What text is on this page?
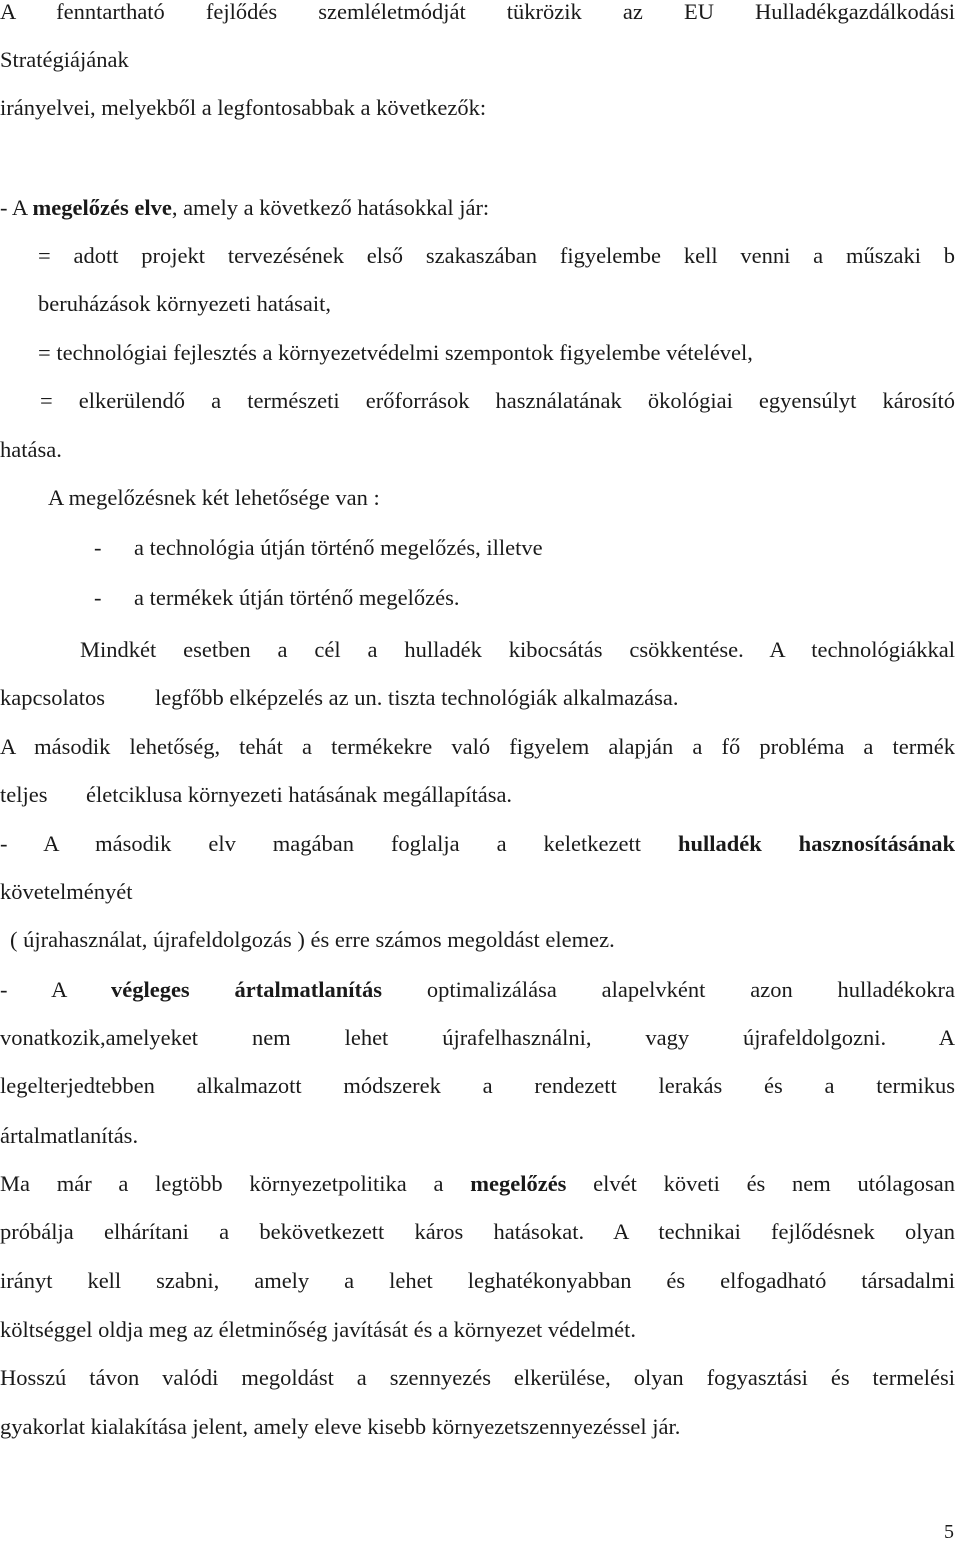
A fenntartható fejlődés szemléletmódját tükrözik az EU Hulladékgazdálkodási
Stratégiájának
irányelvei, melyekből a legfontosabbak a következők:
- A megelőzés elve, amely a következő hatásokkal jár:
= adott projekt tervezésének első szakaszában figyelembe kell venni a műszaki b
beruházások környezeti hatásait,
= technológiai fejlesztés a környezetvédelmi szempontok figyelembe vételével,
= elkerülendő a természeti erőforrások használatának ökológiai egyensúlyt károsító
hatása.
A megelőzésnek két lehetősége van :
- a technológia útján történő megelőzés, illetve
- a termékek útján történő megelőzés.
Mindkét esetben a cél a hulladék kibocsátás csökkentése. A technológiákkal
kapcsolatos legfőbb elképzelés az un. tiszta technológiák alkalmazása.
A második lehetőség, tehát a termékekre való figyelem alapján a fő probléma a termék
teljes életciklusa környezeti hatásának megállapítása.
- A második elv magában foglalja a keletkezett hulladék hasznosításának
követelményét
( újrahasználat, újrafeldolgozás ) és erre számos megoldást elemez.
- A végleges ártalmatlanítás optimalizálása alapelvként azon hulladékokra
vonatkozik,amelyeket nem lehet újrafelhasználni, vagy újrafeldolgozni. A
legelterjedtebben alkalmazott módszerek a rendezett lerakás és a termikus
ártalmatlanítás.
Ma már a legtöbb környezetpolitika a megelőzés elvét követi és nem utólagosan
próbálja elhárítani a bekövetkezett káros hatásokat. A technikai fejlődésnek olyan
irányt kell szabni, amely a lehet leghatékonyabban és elfogadható társadalmi
költséggel oldja meg az életminőség javítását és a környezet védelmét.
Hosszú távon valódi megoldást a szennyezés elkerülése, olyan fogyasztási és termelési
gyakorlat kialakítása jelent, amely eleve kisebb környezetszennyezéssel jár.
5
